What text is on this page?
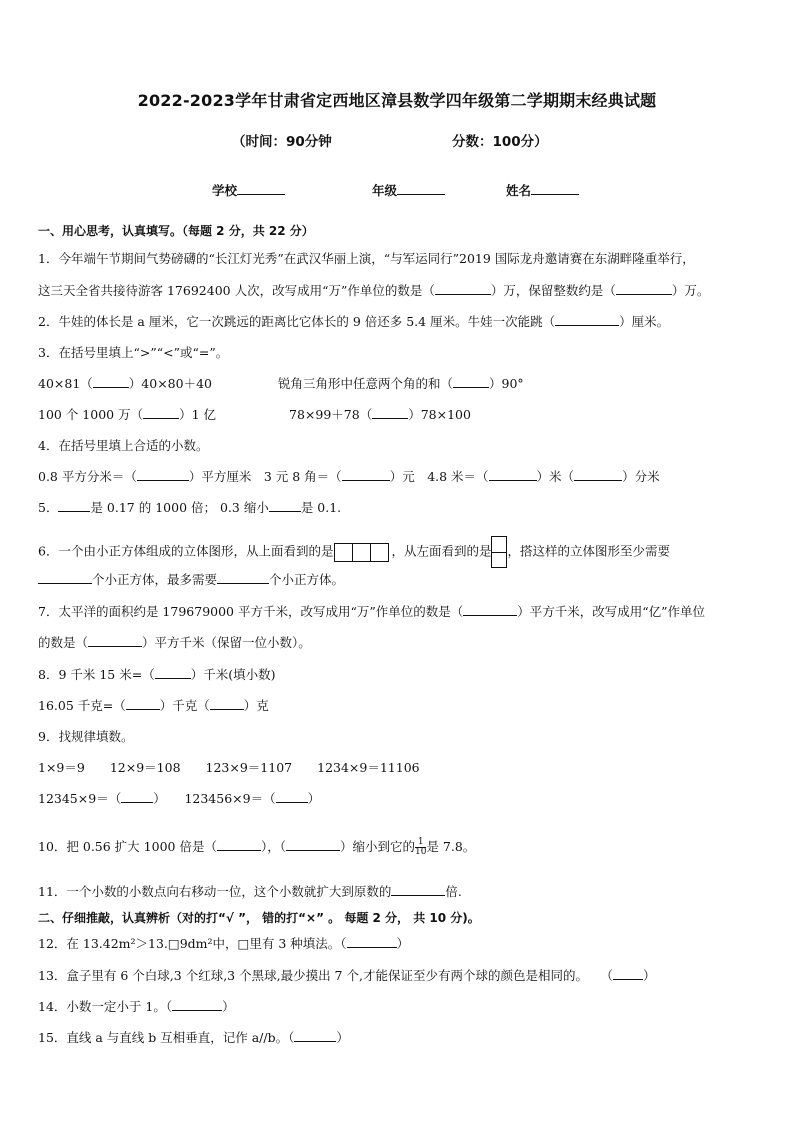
2022-2023学年甘肃省定西地区漳县数学四年级第二学期期末经典试题
（时间：90分钟	分数：100分）
学校	年级	姓名
一、用心思考，认真填写。（每题 2 分，共 22 分）
1．今年端午节期间气势磅礴的“长江灯光秀”在武汉华丽上演，“与军运同行”2019 国际龙舟邀请赛在东湖畔隆重举行，
这三天全省共接待游客 17692400 人次，改写成用“万”作单位的数是（	）万，保留整数约是（	）万。
2．牛娃的体长是 a 厘米，它一次跳远的距离比它体长的 9 倍还多 5.4 厘米。牛娃一次能跳（	）厘米。
3．在括号里填上“>”“<”或“=”。
40×81（	）40×80＋40	锐角三角形中任意两个角的和（	）90°
100 个 1000 万（	）1 亿	78×99＋78（	）78×100
4．在括号里填上合适的小数。
0.8 平方分米＝（	）平方厘米　3 元 8 角＝（	）元　4.8 米＝（	）米（	）分米
5．	是 0.17 的 1000 倍； 0.3 缩小	是 0.1.
6．一个由小正方体组成的立体图形，从上面看到的是	，从左面看到的是 ，搭这样的立体图形至少需要
个小正方体，最多需要	个小正方体。
7．太平洋的面积约是 179679000 平方千米，改写成用“万”作单位的数是（	）平方千米，改写成用“亿”作单位
的数是（	）平方千米（保留一位小数）。
8．9 千米 15 米=（	）千米(填小数)
16.05 千克=（	）千克（	）克
9．找规律填数。
1×9＝9　　12×9＝108　　123×9＝1107　　1234×9＝11106
12345×9＝（	）　　123456×9＝（	）
10．把 0.56 扩大 1000 倍是（	），（	）缩小到它的 $\frac{1}{10}$ 是 7.8。
11．一个小数的小数点向右移动一位，这个小数就扩大到原数的	倍.
二、仔细推敲，认真辨析（对的打“√ ”， 错的打“×” 。 每题 2 分， 共 10 分)。
12．在 13.42m²＞13.□9dm²中，□里有 3 种填法。（	）
13．盒子里有 6 个白球,3 个红球,3 个黑球,最少摸出 7 个,才能保证至少有两个球的颜色是相同的。　　（ ）
14．小数一定小于 1。（	）
15．直线 a 与直线 b 互相垂直，记作 a//b。（	）
